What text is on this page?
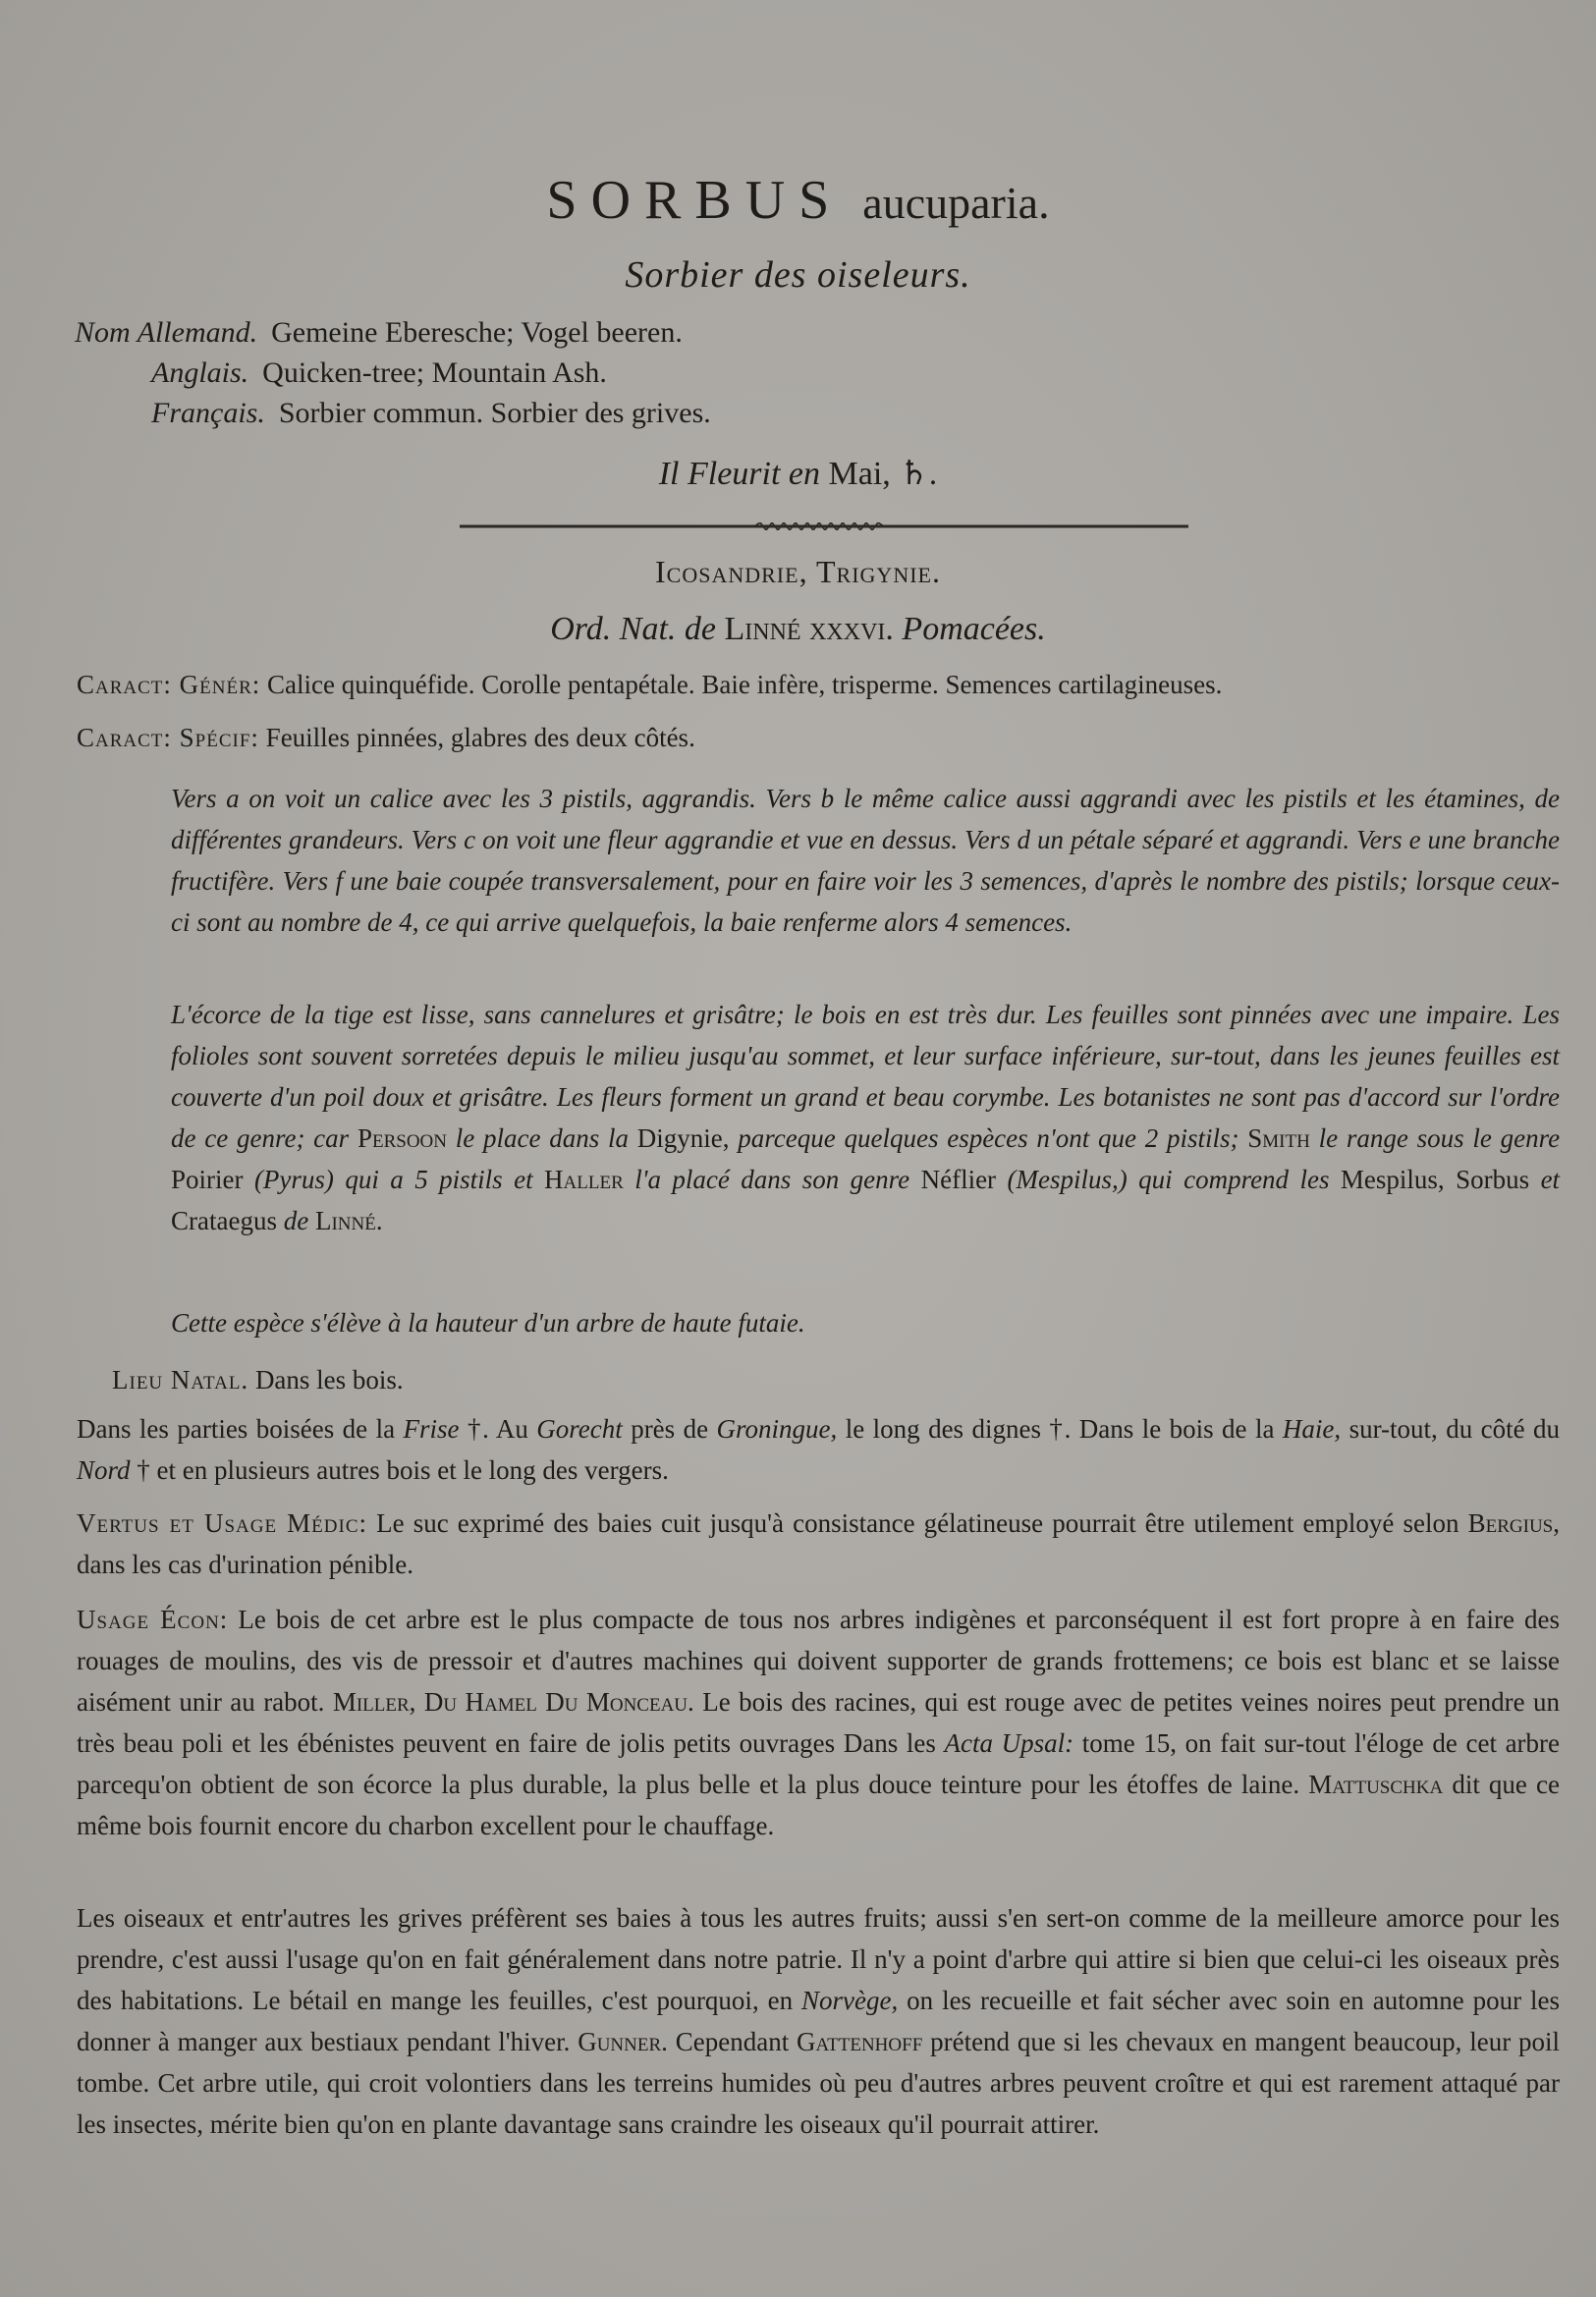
SORBUS aucuparia.
Sorbier des oiseleurs.
Nom Allemand. Gemeine Eberesche; Vogel beeren.
Anglais. Quicken-tree; Mountain Ash.
Français. Sorbier commun. Sorbier des grives.
Il Fleurit en Mai, ♄.
Icosandrie, Trigynie.
Ord. Nat. de Linné xxxvi. Pomacées.
Caract: Génér: Calice quinquéfide. Corolle pentapétale. Baie infère, trisperme. Semences cartilagineuses.
Caract: Spécif: Feuilles pinnées, glabres des deux côtés.
Vers a on voit un calice avec les 3 pistils, aggrandis. Vers b le même calice aussi aggrandi avec les pistils et les étamines, de différentes grandeurs. Vers c on voit une fleur aggrandie et vue en dessus. Vers d un pétale séparé et aggrandi. Vers e une branche fructifère. Vers f une baie coupée transversalement, pour en faire voir les 3 semences, d'après le nombre des pistils; lorsque ceux-ci sont au nombre de 4, ce qui arrive quelquefois, la baie renferme alors 4 semences.
L'écorce de la tige est lisse, sans cannelures et grisâtre; le bois en est très dur. Les feuilles sont pinnées avec une impaire. Les folioles sont souvent sorretées depuis le milieu jusqu'au sommet, et leur surface inférieure, sur-tout, dans les jeunes feuilles est couverte d'un poil doux et grisâtre. Les fleurs forment un grand et beau corymbe. Les botanistes ne sont pas d'accord sur l'ordre de ce genre; car Persoon le place dans la Digynie, parceque quelques espèces n'ont que 2 pistils; Smith le range sous le genre Poirier (Pyrus) qui a 5 pistils et Haller l'a placé dans son genre Néflier (Mespilus,) qui comprend les Mespilus, Sorbus et Crataegus de Linné.
Cette espèce s'élève à la hauteur d'un arbre de haute futaie.
Lieu Natal. Dans les bois.
Dans les parties boisées de la Frise †. Au Gorecht près de Groningue, le long des dignes †. Dans le bois de la Haie, sur-tout, du côté du Nord † et en plusieurs autres bois et le long des vergers.
Vertus et Usage Médic: Le suc exprimé des baies cuit jusqu'à consistance gélatineuse pourrait être utilement employé selon Bergius, dans les cas d'urination pénible.
Usage Écon: Le bois de cet arbre est le plus compacte de tous nos arbres indigènes et parconséquent il est fort propre à en faire des rouages de moulins, des vis de pressoir et d'autres machines qui doivent supporter de grands frottemens; ce bois est blanc et se laisse aisément unir au rabot. Miller, Du Hamel Du Monceau. Le bois des racines, qui est rouge avec de petites veines noires peut prendre un très beau poli et les ébénistes peuvent en faire de jolis petits ouvrages Dans les Acta Upsal: tome 15, on fait sur-tout l'éloge de cet arbre parcequ'on obtient de son écorce la plus durable, la plus belle et la plus douce teinture pour les étoffes de laine. Mattuschka dit que ce même bois fournit encore du charbon excellent pour le chauffage.
Les oiseaux et entr'autres les grives préfèrent ses baies à tous les autres fruits; aussi s'en sert-on comme de la meilleure amorce pour les prendre, c'est aussi l'usage qu'on en fait généralement dans notre patrie. Il n'y a point d'arbre qui attire si bien que celui-ci les oiseaux près des habitations. Le bétail en mange les feuilles, c'est pourquoi, en Norvège, on les recueille et fait sécher avec soin en automne pour les donner à manger aux bestiaux pendant l'hiver. Gunner. Cependant Gattenhoff prétend que si les chevaux en mangent beaucoup, leur poil tombe. Cet arbre utile, qui croit volontiers dans les terreins humides où peu d'autres arbres peuvent croître et qui est rarement attaqué par les insectes, mérite bien qu'on en plante davantage sans craindre les oiseaux qu'il pourrait attirer.
